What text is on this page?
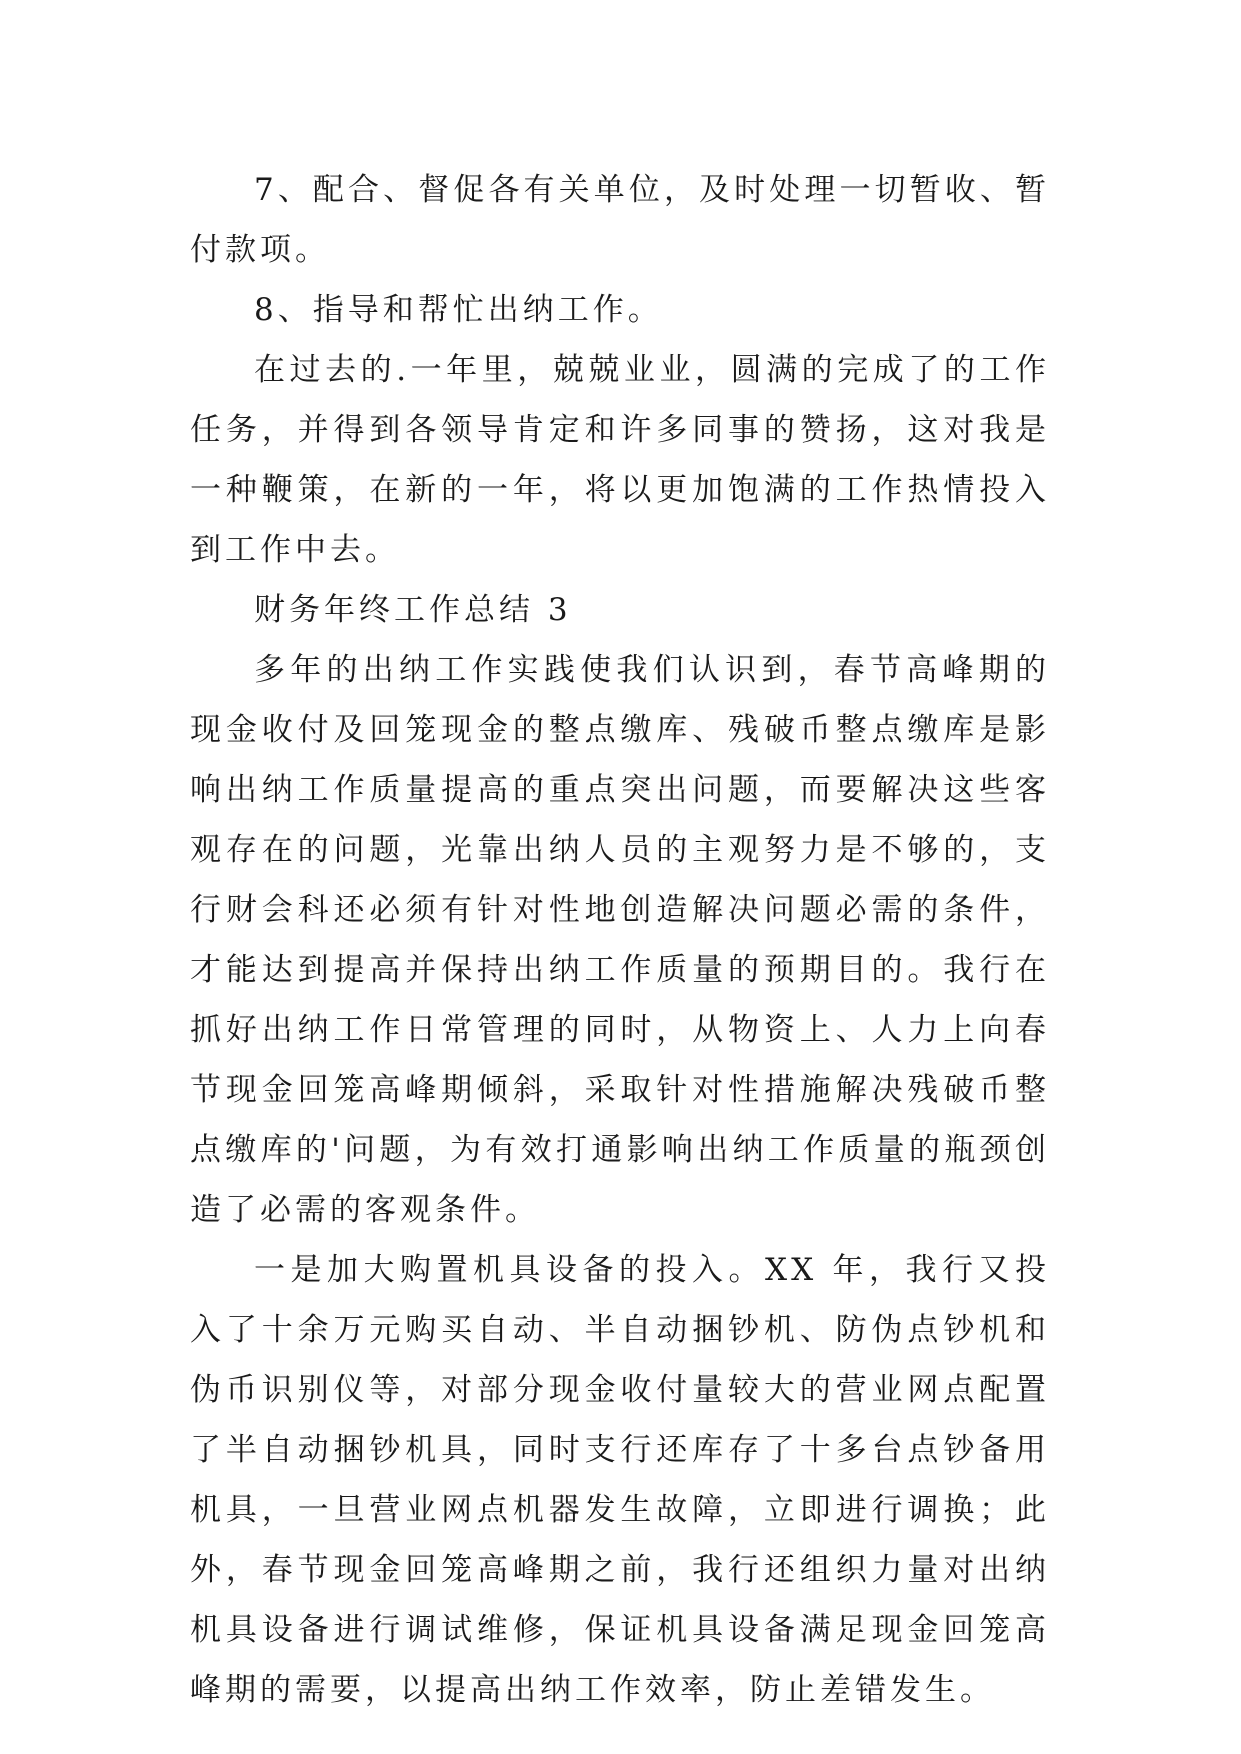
7、配合、督促各有关单位，及时处理一切暂收、暂付款项。

8、指导和帮忙出纳工作。

在过去的.一年里，兢兢业业，圆满的完成了的工作任务，并得到各领导肯定和许多同事的赞扬，这对我是一种鞭策，在新的一年，将以更加饱满的工作热情投入到工作中去。

财务年终工作总结 3

多年的出纳工作实践使我们认识到，春节高峰期的现金收付及回笼现金的整点缴库、残破币整点缴库是影响出纳工作质量提高的重点突出问题，而要解决这些客观存在的问题，光靠出纳人员的主观努力是不够的，支行财会科还必须有针对性地创造解决问题必需的条件，才能达到提高并保持出纳工作质量的预期目的。我行在抓好出纳工作日常管理的同时，从物资上、人力上向春节现金回笼高峰期倾斜，采取针对性措施解决残破币整点缴库的'问题，为有效打通影响出纳工作质量的瓶颈创造了必需的客观条件。

一是加大购置机具设备的投入。XX 年，我行又投入了十余万元购买自动、半自动捆钞机、防伪点钞机和伪币识别仪等，对部分现金收付量较大的营业网点配置了半自动捆钞机具，同时支行还库存了十多台点钞备用机具，一旦营业网点机器发生故障，立即进行调换；此外，春节现金回笼高峰期之前，我行还组织力量对出纳机具设备进行调试维修，保证机具设备满足现金回笼高峰期的需要，以提高出纳工作效率，防止差错发生。
